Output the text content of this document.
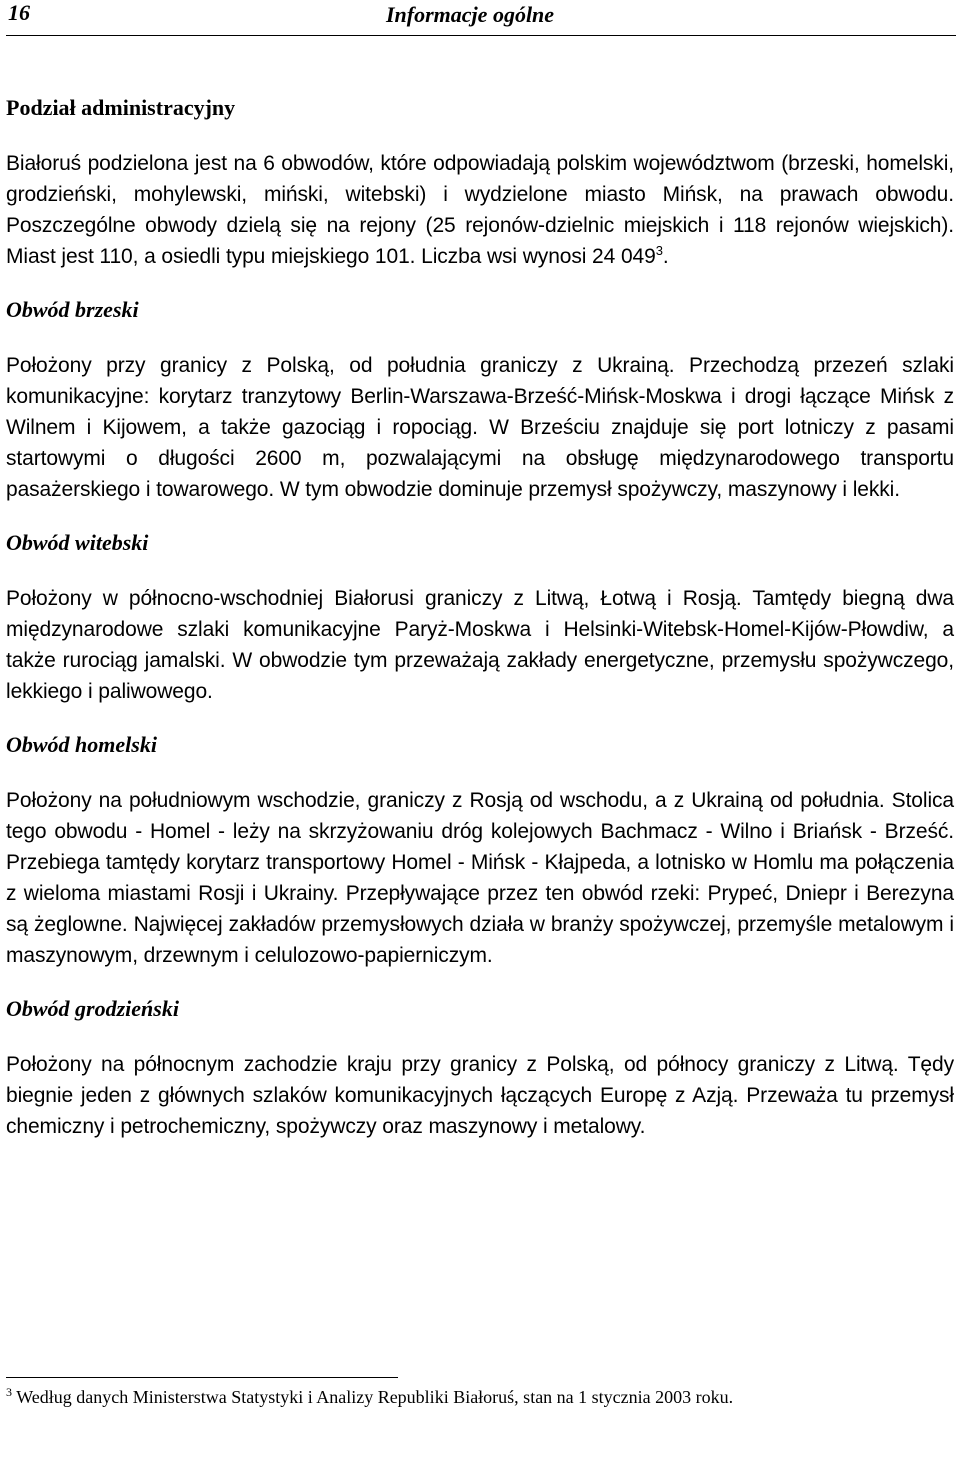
16	Informacje ogólne
Podział administracyjny

Białoruś podzielona jest na 6 obwodów, które odpowiadają polskim województwom (brzeski, homelski, grodzieński, mohylewski, miński, witebski) i wydzielone miasto Mińsk, na prawach obwodu. Poszczególne obwody dzielą się na rejony (25 rejonów-dzielnic miejskich i 118 rejonów wiejskich). Miast jest 110, a osiedli typu miejskiego 101. Liczba wsi wynosi 24 $049^3$.

Obwód brzeski

Położony przy granicy z Polską, od południa graniczy z Ukrainą. Przechodzą przezeń szlaki komunikacyjne: korytarz tranzytowy Berlin-Warszawa-Brześć-Mińsk-Moskwa i drogi łączące Mińsk z Wilnem i Kijowem, a także gazociąg i ropociąg. W Brześciu znajduje się port lotniczy z pasami startowymi o długości 2600 m, pozwalającymi na obsługę międzynarodowego transportu pasażerskiego i towarowego. W tym obwodzie dominuje przemysł spożywczy, maszynowy i lekki.

Obwód witebski

Położony w północno-wschodniej Białorusi graniczy z Litwą, Łotwą i Rosją. Tamtędy biegną dwa międzynarodowe szlaki komunikacyjne Paryż-Moskwa i Helsinki-Witebsk-Homel-Kijów-Płowdiw, a także rurociąg jamalski. W obwodzie tym przeważają zakłady energetyczne, przemysłu spożywczego, lekkiego i paliwowego.

Obwód homelski

Położony na południowym wschodzie, graniczy z Rosją od wschodu, a z Ukrainą od południa. Stolica tego obwodu - Homel - leży na skrzyżowaniu dróg kolejowych Bachmacz - Wilno i Briańsk - Brześć. Przebiega tamtędy korytarz transportowy Homel - Mińsk - Kłajpeda, a lotnisko w Homlu ma połączenia z wieloma miastami Rosji i Ukrainy. Przepływające przez ten obwód rzeki: Prypeć, Dniepr i Berezyna są żeglowne. Najwięcej zakładów przemysłowych działa w branży spożywczej, przemyśle metalowym i maszynowym, drzewnym i celulozowo-papierniczym.

Obwód grodzieński

Położony na północnym zachodzie kraju przy granicy z Polską, od północy graniczy z Litwą. Tędy biegnie jeden z głównych szlaków komunikacyjnych łączących Europę z Azją. Przeważa tu przemysł chemiczny i petrochemiczny, spożywczy oraz maszynowy i metalowy.

$^3$ Według danych Ministerstwa Statystyki i Analizy Republiki Białoruś, stan na 1 stycznia 2003 roku.
